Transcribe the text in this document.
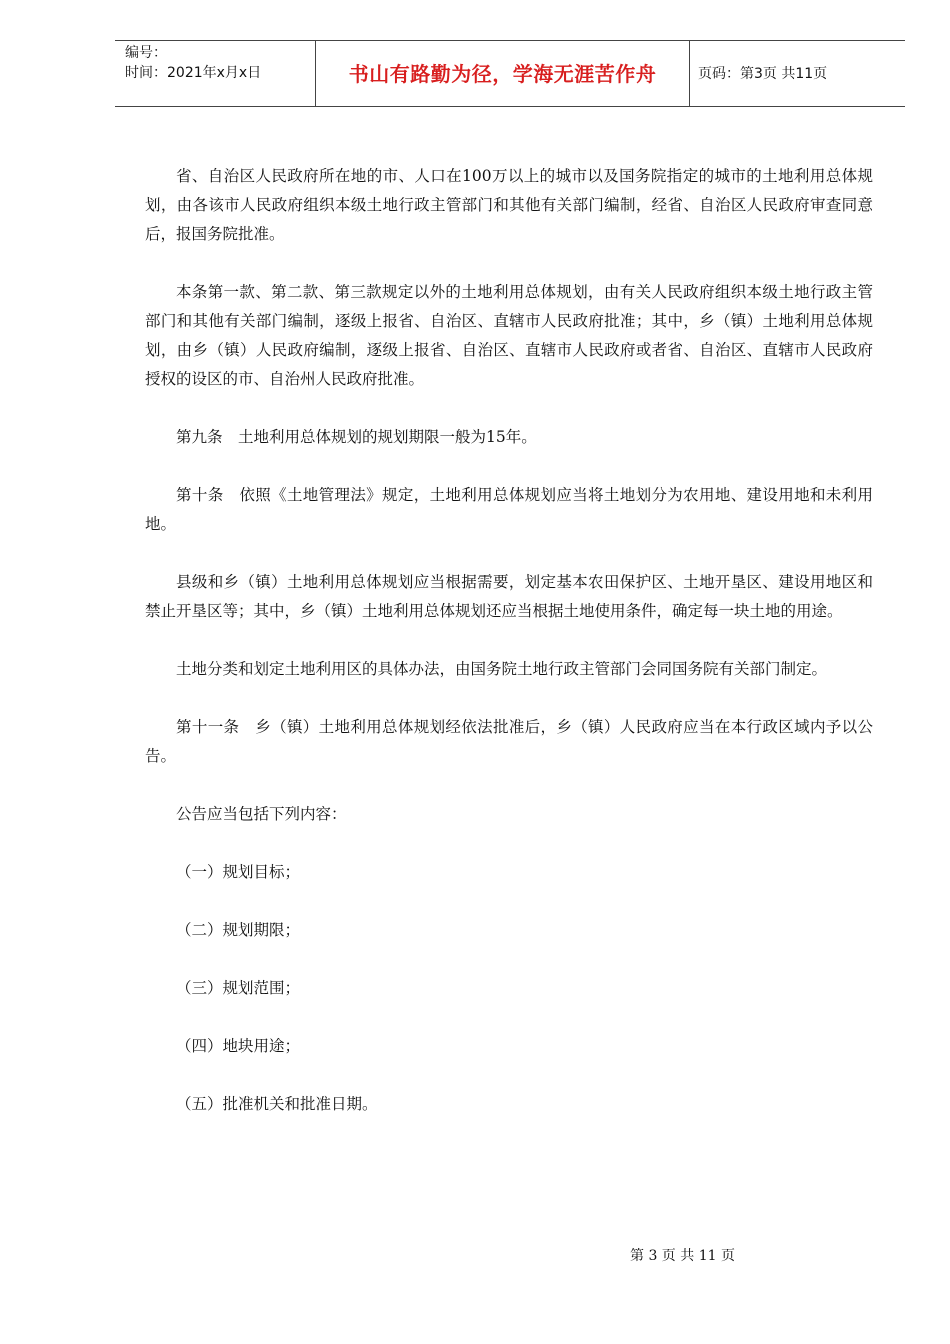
编号：
时间：2021年x月x日	书山有路勤为径，学海无涯苦作舟	页码：第3页 共11页

省、自治区人民政府所在地的市、人口在100万以上的城市以及国务院指定的城市的土地利用总体规划，由各该市人民政府组织本级土地行政主管部门和其他有关部门编制，经省、自治区人民政府审查同意后，报国务院批准。

本条第一款、第二款、第三款规定以外的土地利用总体规划，由有关人民政府组织本级土地行政主管部门和其他有关部门编制，逐级上报省、自治区、直辖市人民政府批准；其中，乡（镇）土地利用总体规划，由乡（镇）人民政府编制，逐级上报省、自治区、直辖市人民政府或者省、自治区、直辖市人民政府授权的设区的市、自治州人民政府批准。

第九条　土地利用总体规划的规划期限一般为15年。

第十条　依照《土地管理法》规定，土地利用总体规划应当将土地划分为农用地、建设用地和未利用地。

县级和乡（镇）土地利用总体规划应当根据需要，划定基本农田保护区、土地开垦区、建设用地区和禁止开垦区等；其中，乡（镇）土地利用总体规划还应当根据土地使用条件，确定每一块土地的用途。

土地分类和划定土地利用区的具体办法，由国务院土地行政主管部门会同国务院有关部门制定。

第十一条　乡（镇）土地利用总体规划经依法批准后，乡（镇）人民政府应当在本行政区域内予以公告。

公告应当包括下列内容：

（一）规划目标；

（二）规划期限；

（三）规划范围；

（四）地块用途；

（五）批准机关和批准日期。

第 3 页 共 11 页
